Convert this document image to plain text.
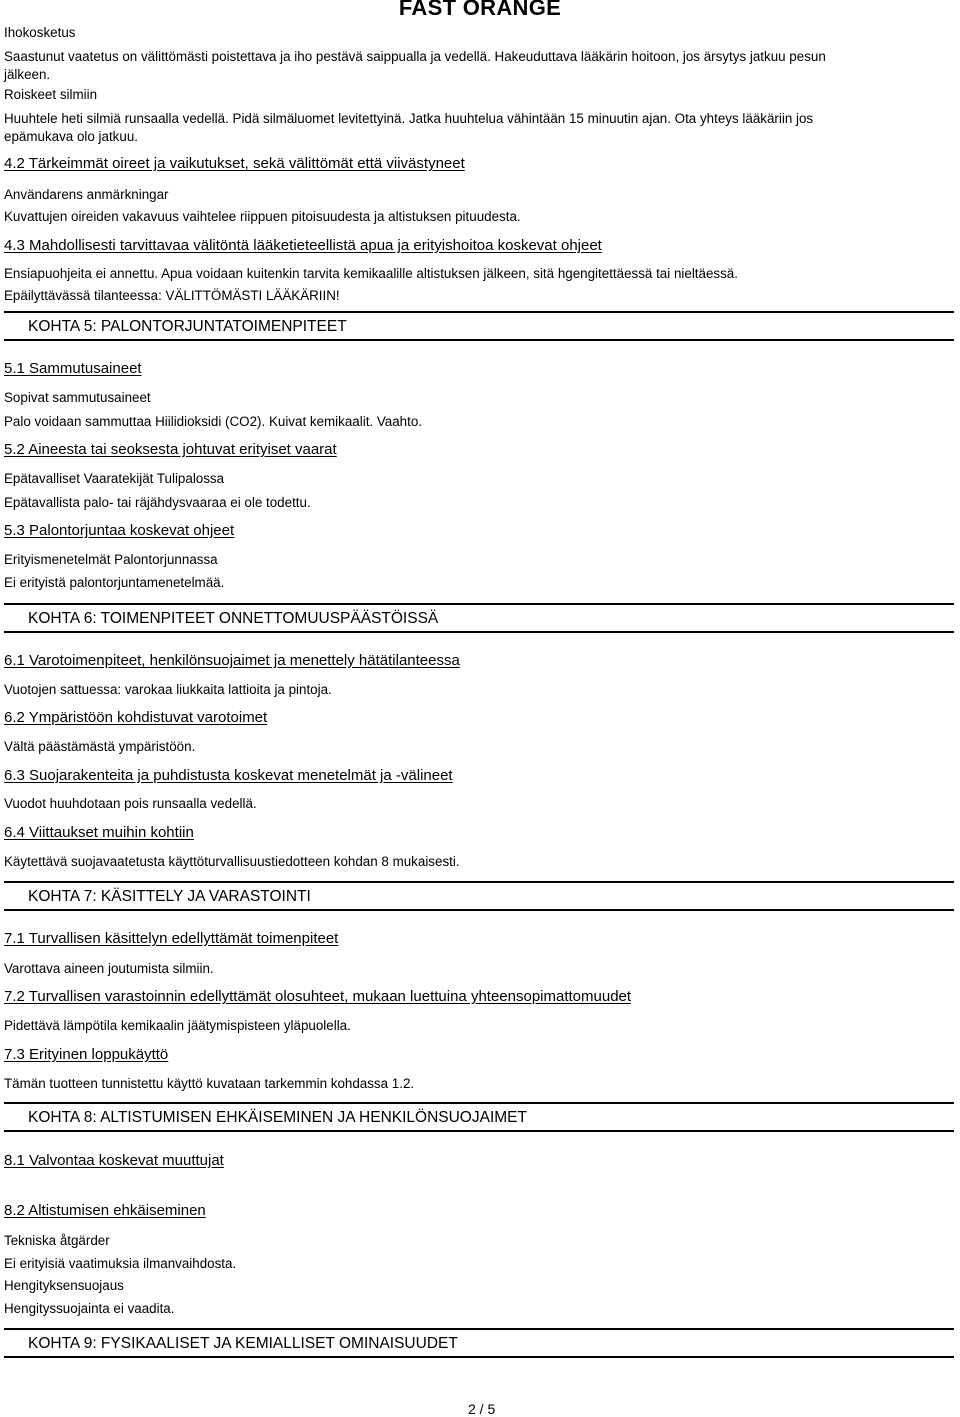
FAST ORANGE
Ihokosketus
Saastunut vaatetus on välittömästi poistettava ja iho pestävä saippualla ja vedellä. Hakeuduttava lääkärin hoitoon, jos ärsytys jatkuu pesun
jälkeen.
Roiskeet silmiin
Huuhtele heti silmiä runsaalla vedellä. Pidä silmäluomet levitettyinä. Jatka huuhtelua vähintään 15 minuutin ajan. Ota yhteys lääkäriin jos
epämukava olo jatkuu.
4.2 Tärkeimmät oireet ja vaikutukset, sekä välittömät että viivästyneet
Användarens anmärkningar
Kuvattujen oireiden vakavuus vaihtelee riippuen pitoisuudesta ja altistuksen pituudesta.
4.3 Mahdollisesti tarvittavaa välitöntä lääketieteellistä apua ja erityishoitoa koskevat ohjeet
Ensiapuohjeita ei annettu. Apua voidaan kuitenkin tarvita kemikaalille altistuksen jälkeen, sitä hgengitettäessä tai nieltäessä.
Epäilyttävässä tilanteessa: VÄLITTÖMÄSTI LÄÄKÄRIIN!
KOHTA 5: PALONTORJUNTATOIMENPITEET
5.1 Sammutusaineet
Sopivat sammutusaineet
Palo voidaan sammuttaa Hiilidioksidi (CO2). Kuivat kemikaalit. Vaahto.
5.2 Aineesta tai seoksesta johtuvat erityiset vaarat
Epätavalliset Vaaratekijät Tulipalossa
Epätavallista palo- tai räjähdysvaaraa ei ole todettu.
5.3 Palontorjuntaa koskevat ohjeet
Erityismenetelmät Palontorjunnassa
Ei erityistä palontorjuntamenetelmää.
KOHTA 6: TOIMENPITEET ONNETTOMUUSPÄÄSTÖISSÄ
6.1 Varotoimenpiteet, henkilönsuojaimet ja menettely hätätilanteessa
Vuotojen sattuessa: varokaa liukkaita lattioita ja pintoja.
6.2 Ympäristöön kohdistuvat varotoimet
Vältä päästämästä ympäristöön.
6.3 Suojarakenteita ja puhdistusta koskevat menetelmät ja -välineet
Vuodot huuhdotaan pois runsaalla vedellä.
6.4 Viittaukset muihin kohtiin
Käytettävä suojavaatetusta käyttöturvallisuustiedotteen kohdan 8 mukaisesti.
KOHTA 7: KÄSITTELY JA VARASTOINTI
7.1 Turvallisen käsittelyn edellyttämät toimenpiteet
Varottava aineen joutumista silmiin.
7.2 Turvallisen varastoinnin edellyttämät olosuhteet, mukaan luettuina yhteensopimattomuudet
Pidettävä lämpötila kemikaalin jäätymispisteen yläpuolella.
7.3 Erityinen loppukäyttö
Tämän tuotteen tunnistettu käyttö kuvataan tarkemmin kohdassa 1.2.
KOHTA 8: ALTISTUMISEN EHKÄISEMINEN JA HENKILÖNSUOJAIMET
8.1 Valvontaa koskevat muuttujat
8.2 Altistumisen ehkäiseminen
Tekniska åtgärder
Ei erityisiä vaatimuksia ilmanvaihdosta.
Hengityksensuojaus
Hengityssuojainta ei vaadita.
KOHTA 9: FYSIKAALISET JA KEMIALLISET OMINAISUUDET
2 / 5
